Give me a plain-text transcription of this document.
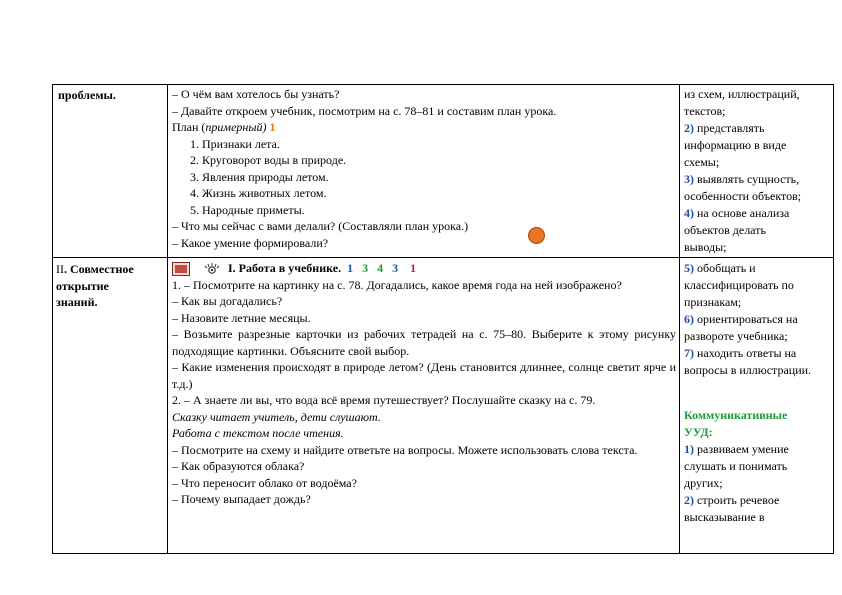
проблемы.
II. Совместное
открытие
знаний.
– О чём вам хотелось бы узнать?
– Давайте откроем учебник, посмотрим на с. 78–81 и составим план урока.
План (примерный) 1
1. Признаки лета.
2. Круговорот воды в природе.
3. Явления природы летом.
4. Жизнь животных летом.
5. Народные приметы.
– Что мы сейчас с вами делали? (Составляли план урока.)
– Какое умение формировали?
I. Работа в учебнике. 1 3 4 3 1
1. – Посмотрите на картинку на с. 78. Догадались, какое время года на ней изображено?
– Как вы догадались?
– Назовите летние месяцы.
– Возьмите разрезные карточки из рабочих тетрадей на с. 75–80. Выберите к этому рисунку подходящие картинки. Объясните свой выбор.
– Какие изменения происходят в природе летом? (День становится длиннее, солнце светит ярче и т.д.)
2. – А знаете ли вы, что вода всё время путешествует? Послушайте сказку на с. 79.
Сказку читает учитель, дети слушают.
Работа с текстом после чтения.
– Посмотрите на схему и найдите ответьте на вопросы. Можете использовать слова текста.
– Как образуются облака?
– Что переносит облако от водоёма?
– Почему выпадает дождь?
из схем, иллюстраций,
текстов;
2) представлять
информацию в виде
схемы;
3) выявлять сущность,
особенности объектов;
4) на основе анализа
объектов делать
выводы;
5) обобщать и
классифицировать по
признакам;
6) ориентироваться на
развороте учебника;
7) находить ответы на
вопросы в иллюстрации.
Коммуникативные
УУД:
1) развиваем умение
слушать и понимать
других;
2) строить речевое
высказывание в
